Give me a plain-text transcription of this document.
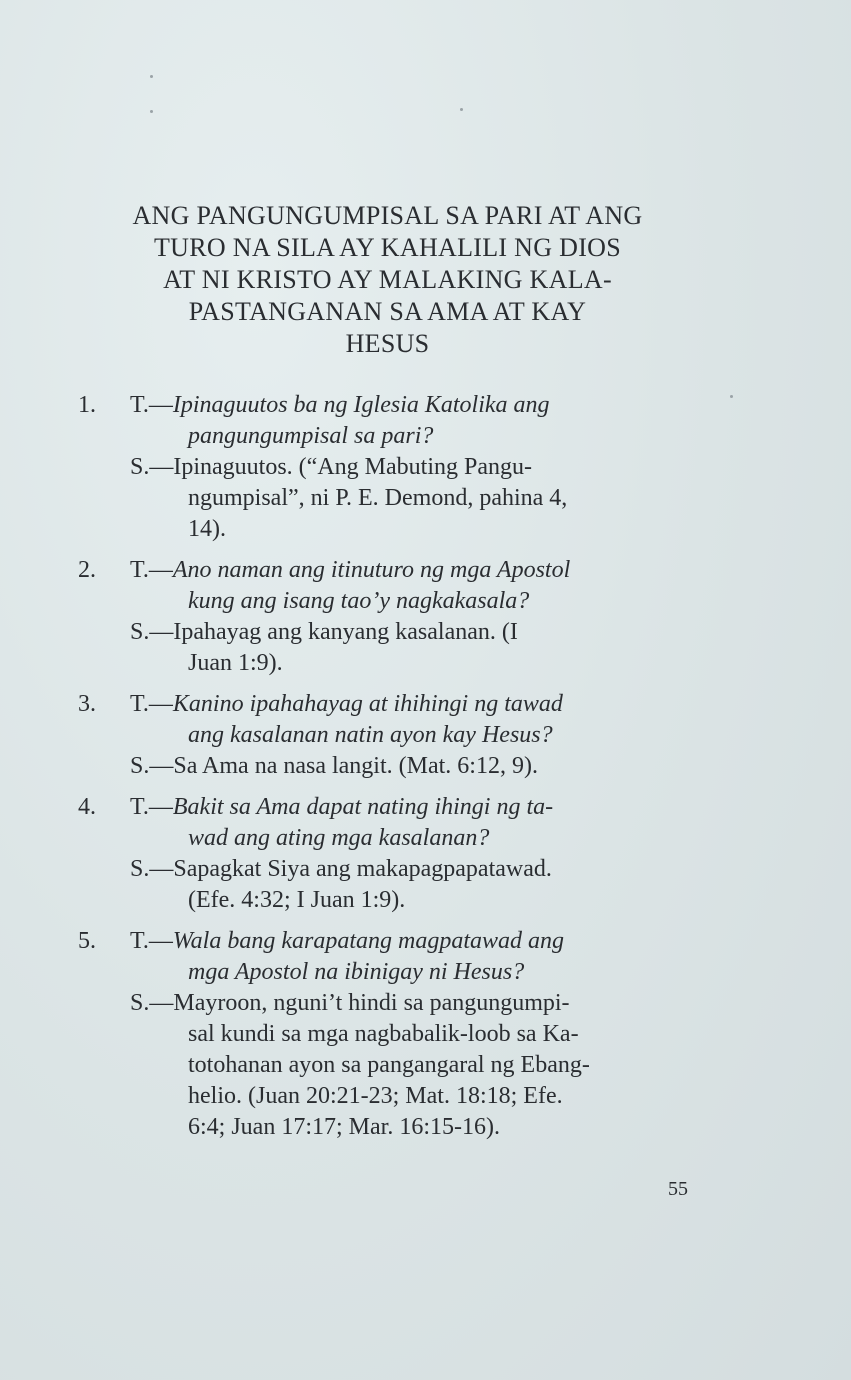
ANG PANGUNGUMPISAL SA PARI AT ANG
TURO NA SILA AY KAHALILI NG DIOS
AT NI KRISTO AY MALAKING KALA-
PASTANGANAN SA AMA AT KAY
HESUS
1.	T.—Ipinaguutos ba ng Iglesia Katolika ang
pangungumpisal sa pari?
S.—Ipinaguutos. (“Ang Mabuting Pangu-
ngumpisal”, ni P. E. Demond, pahina 4,
14).
2.	T.—Ano naman ang itinuturo ng mga Apostol
kung ang isang tao’y nagkakasala?
S.—Ipahayag ang kanyang kasalanan. (I
Juan 1:9).
3.	T.—Kanino ipahahayag at ihihingi ng tawad
ang kasalanan natin ayon kay Hesus?
S.—Sa Ama na nasa langit. (Mat. 6:12, 9).
4.	T.—Bakit sa Ama dapat nating ihingi ng ta-
wad ang ating mga kasalanan?
S.—Sapagkat Siya ang makapagpapatawad.
(Efe. 4:32; I Juan 1:9).
5.	T.—Wala bang karapatang magpatawad ang
mga Apostol na ibinigay ni Hesus?
S.—Mayroon, nguni’t hindi sa pangungumpi-
sal kundi sa mga nagbabalik-loob sa Ka-
totohanan ayon sa pangangaral ng Ebang-
helio. (Juan 20:21-23; Mat. 18:18; Efe.
6:4; Juan 17:17; Mar. 16:15-16).
55
